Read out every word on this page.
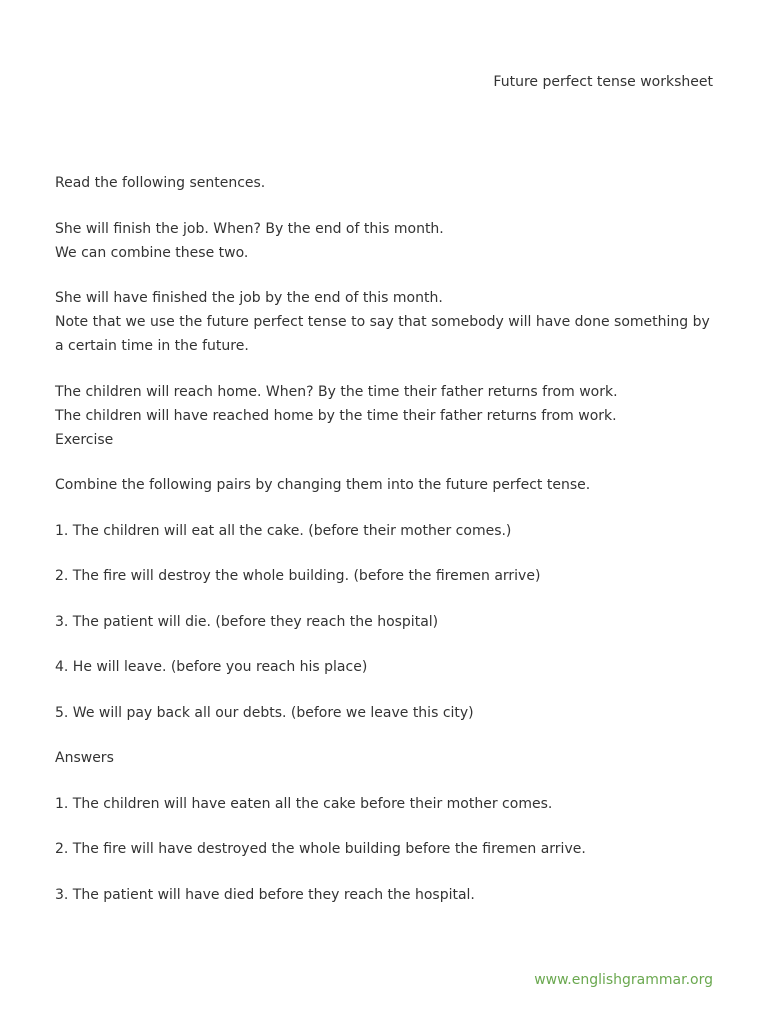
Future perfect tense worksheet

Read the following sentences.

She will finish the job. When? By the end of this month.
We can combine these two.

She will have finished the job by the end of this month.
Note that we use the future perfect tense to say that somebody will have done something by a certain time in the future.

The children will reach home. When? By the time their father returns from work.
The children will have reached home by the time their father returns from work.
Exercise

Combine the following pairs by changing them into the future perfect tense.

1. The children will eat all the cake. (before their mother comes.)

2. The fire will destroy the whole building. (before the firemen arrive)

3. The patient will die. (before they reach the hospital)

4. He will leave. (before you reach his place)

5. We will pay back all our debts. (before we leave this city)

Answers

1. The children will have eaten all the cake before their mother comes.

2. The fire will have destroyed the whole building before the firemen arrive.

3. The patient will have died before they reach the hospital.

www.englishgrammar.org
